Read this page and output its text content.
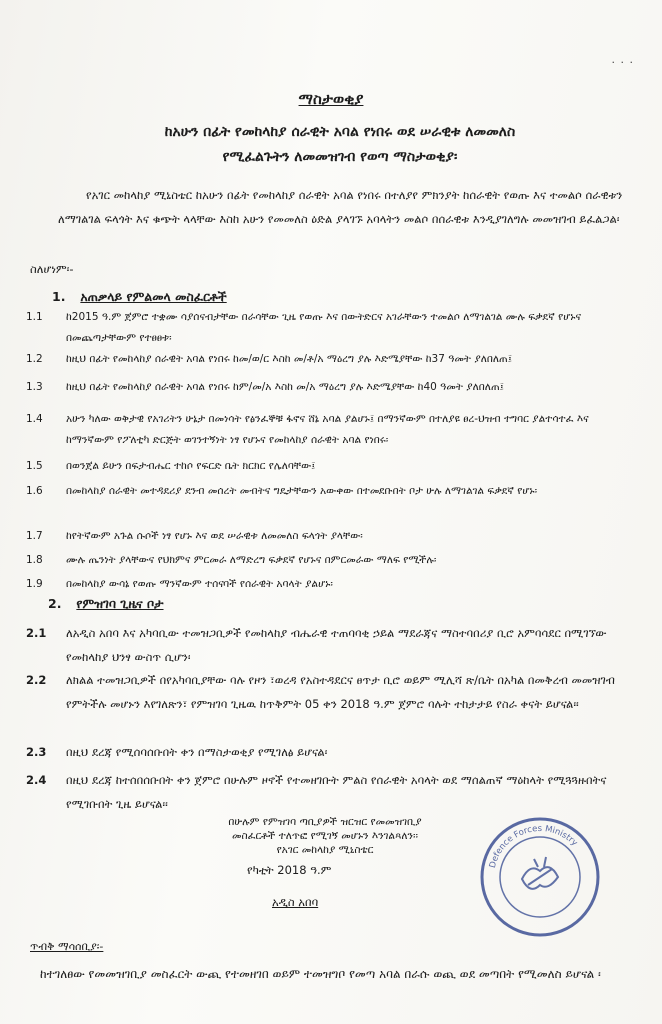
· · ·
ማስታወቂያ
ከአሁን በፊት የመከላከያ ሰራዊት አባል የነበሩ ወደ ሠራዊቱ ለመመለስ
የሚፈልጉትን ለመመዝገብ የወጣ ማስታወቂያ፡
የአገር መከላከያ ሚኒስቴር ከአሁን በፊት የመከላከያ ሰራዊት አባል የነበሩ በተለያየ ምክንያት ከሰራዊት የወጡ እና ተመልሶ ሰራዊቱን ለማገልገል ፍላጎት እና ቁጭት ላላቸው እስከ አሁን የመመለስ ዕድል ያላገኙ አባላትን መልሶ በሰራዊቱ እንዲያገለግሉ መመዝገብ ይፈልጋል፡
ስለሆነም፡-
1. አጠቃላይ የምልመላ መስፈርቶች
1.1	ከ2015 ዓ.ም ጀምሮ ተቋሙ ሳያሰናብታቸው በራሳቸው ጊዜ የወጡ እና በውትድርና አገራቸውን ተመልሶ ለማገልገል ሙሉ ፍቃደኛ የሆኑና በመጨጣታቸውም የተፀፀቱ፡
1.2	ከዚህ በፊት የመከላከያ ሰራዊት አባል የነበሩ ከመ/ወ/ር እስከ መ/ቶ/አ ማዕረግ ያሉ እድሜያቸው ከ37 ዓመት ያለበለጠ፤
1.3	ከዚህ በፊት የመከላከያ ሰራዊት አባል የነበሩ ከም/መ/አ እስከ መ/አ ማዕረግ ያሉ እድሜያቸው ከ40 ዓመት ያለበለጠ፤
1.4	አሁን ካለው ወቅታዊ የአገሪትን ሁኔታ በመነሳት የፅንፈኞቹ ፋኖና ሸኔ አባል ያልሆኑ፤ በማንኛውም በተለያዩ ፀረ-ህዝብ ተግባር ያልተሳተፈ እና ከማንኛውም የፖለቲካ ድርጅት ወገንተኝነት ነፃ የሆኑና የመከላከያ ሰራዊት አባል የነበሩ፡
1.5	በወንጀል ይሁን በፍታብሔር ተከሶ የፍርድ ቤት ክርክር የሌለባቸው፤
1.6	በመከላከያ ሰራዊት መተዳደሪያ ደንብ መሰረት መብትና ግዴታቸውን አውቀው በተመደቡበት ቦታ ሁሉ ለማገልገል ፍቃደኛ የሆኑ፡
1.7	ከየትኛውም አጉል ሱሶች ነፃ የሆኑ እና ወደ ሠራዊቱ ለመመለስ ፍላጎት ያላቸው፡
1.8	ሙሉ ጤንነት ያላቸውና የህክምና ምርመራ ለማድረግ ፍቃደኛ የሆኑና በምርመራው ማለፍ የሚችሉ፡
1.9	በመከላከያ ውሳኔ የወጡ ማንኛውም ተሰናባች የሰራዊት አባላት ያልሆኑ፡
2. የምዝገባ ጊዜና ቦታ
2.1	ለአዲስ አበባ እና አካባቢው ተመዝጋቢዎች የመከላከያ ብሔራዊ ተጠባባቂ ኃይል ማደራጃና ማስተባበሪያ ቢሮ አምባሳደር በሚገኘው የመከላከያ ህንፃ ውስጥ ሲሆን፡
2.2	ለክልል ተመዝጋቢዎች በየአካባቢያቸው ባሉ የዞን ፣ወረዳ የአስተዳደርና ፀጥታ ቢሮ ወይም ሚሊሻ ጽ/ቤት በአካል በመቅረብ መመዝገብ የምትችሉ መሆኑን እየገለጽን፣ የምዝገባ ጊዜዉ ከጥቅምት 05 ቀን 2018 ዓ.ም ጀምሮ ባሉት ተከታታይ የስራ ቀናት ይሆናል፡፡
2.3	በዚህ ደረጃ የሚሰባሰቡበት ቀን በማስታወቂያ የሚገለፅ ይሆናል፡
2.4	በዚህ ደረጃ ከተሰበሰቡበት ቀን ጀምሮ በሁሉም ዞኖች የተመዘገቡት ምልስ የሰራዊት አባላት ወደ ማሰልጠኛ ማዕከላት የሚጓጓዙበትና የሚገቡበት ጊዜ ይሆናል፡፡
በሁሉም የምዝገባ ጣቢያዎች ዝርዝር የመመዝገቢያ
መስፈርቶች ተለጥፎ የሚገኝ መሆኑን እንገልጻለን፡፡
የአገር መከላከያ ሚኒስቴር
የካቲት 2018 ዓ.ም
አዲስ አበባ
Defence Forces Ministry
ጥብቅ ማሳሰቢያ፡-
ከተገለፀው የመመዝገቢያ መስፈርት ውጪ የተመዘገበ ወይም ተመዝግቦ የመጣ አባል በራሱ ወጪ ወደ መጣበት የሚመለስ ይሆናል ፡
